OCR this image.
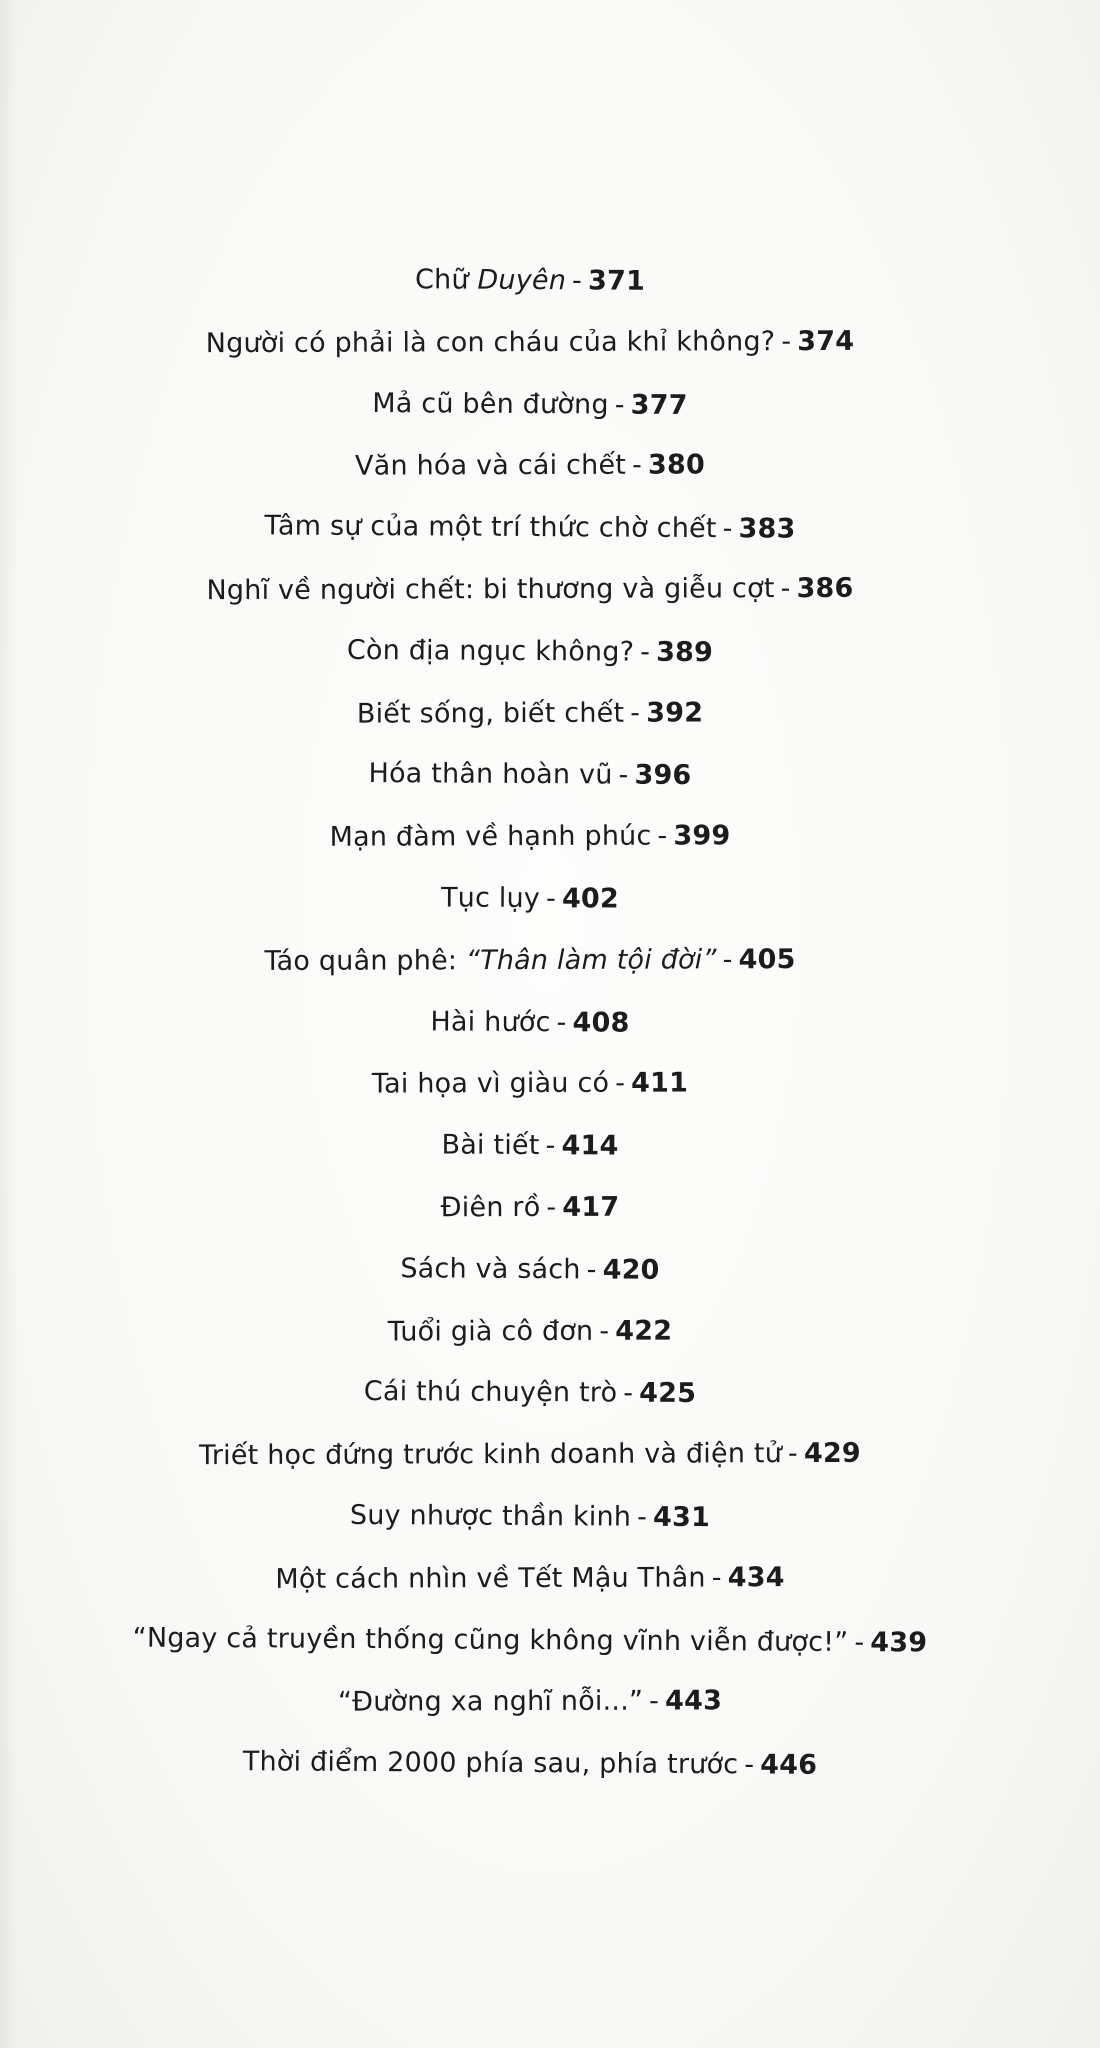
Chữ Duyên - 371
Người có phải là con cháu của khỉ không? - 374
Mả cũ bên đường - 377
Văn hóa và cái chết - 380
Tâm sự của một trí thức chờ chết - 383
Nghĩ về người chết: bi thương và giễu cợt - 386
Còn địa ngục không? - 389
Biết sống, biết chết - 392
Hóa thân hoàn vũ - 396
Mạn đàm về hạnh phúc - 399
Tục lụy - 402
Táo quân phê: “Thân làm tội đời” - 405
Hài hước - 408
Tai họa vì giàu có - 411
Bài tiết - 414
Điên rồ - 417
Sách và sách - 420
Tuổi già cô đơn - 422
Cái thú chuyện trò - 425
Triết học đứng trước kinh doanh và điện tử - 429
Suy nhược thần kinh - 431
Một cách nhìn về Tết Mậu Thân - 434
“Ngay cả truyền thống cũng không vĩnh viễn được!” - 439
“Đường xa nghĩ nỗi...” - 443
Thời điểm 2000 phía sau, phía trước - 446
